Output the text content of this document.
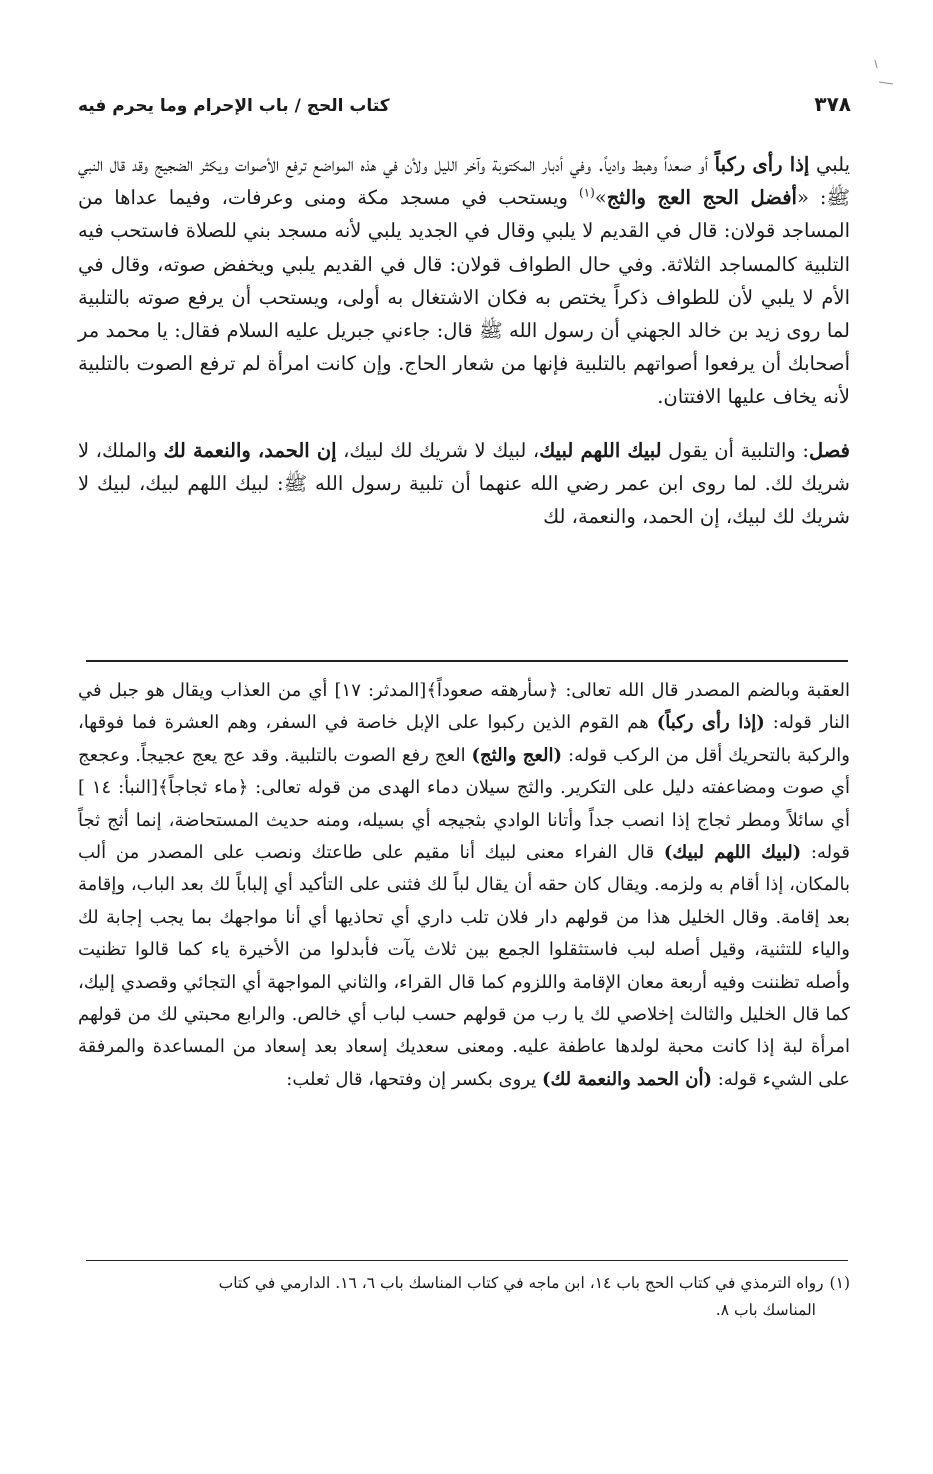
٣٧٨
كتاب الحج / باب الإحرام وما يحرم فيه

يلبي إذا رأى ركباً أو صعداً وهبط وادياً. وفي أدبار المكتوبة وآخر الليل ولأن في هذه المواضع ترفع الأصوات ويكثر الضجيج وقد قال النبي ﷺ: «أفضل الحج العج والثج»$^{(١)}$ ويستحب في مسجد مكة ومنى وعرفات، وفيما عداها من المساجد قولان: قال في القديم لا يلبي وقال في الجديد يلبي لأنه مسجد بني للصلاة فاستحب فيه التلبية كالمساجد الثلاثة. وفي حال الطواف قولان: قال في القديم يلبي ويخفض صوته، وقال في الأم لا يلبي لأن للطواف ذكراً يختص به فكان الاشتغال به أولى، ويستحب أن يرفع صوته بالتلبية لما روى زيد بن خالد الجهني أن رسول الله ﷺ قال: جاءني جبريل عليه السلام فقال: يا محمد مر أصحابك أن يرفعوا أصواتهم بالتلبية فإنها من شعار الحاج. وإن كانت امرأة لم ترفع الصوت بالتلبية لأنه يخاف عليها الافتتان.

فصل: والتلبية أن يقول لبيك اللهم لبيك، لبيك لا شريك لك لبيك، إن الحمد، والنعمة لك والملك، لا شريك لك. لما روى ابن عمر رضي الله عنهما أن تلبية رسول الله ﷺ: لبيك اللهم لبيك، لبيك لا شريك لك لبيك، إن الحمد، والنعمة، لك

العقبة وبالضم المصدر قال الله تعالى: ﴿سأرهقه صعوداً﴾[المدثر: ١٧] أي من العذاب ويقال هو جبل في النار قوله: (إذا رأى ركباً) هم القوم الذين ركبوا على الإبل خاصة في السفر، وهم العشرة فما فوقها، والركبة بالتحريك أقل من الركب قوله: (العج والثج) العج رفع الصوت بالتلبية. وقد عج يعج عجيجاً. وعجعج أي صوت ومضاعفته دليل على التكرير. والثج سيلان دماء الهدى من قوله تعالى: ﴿ماء ثجاجاً﴾[النبأ: ١٤ ] أي سائلاً ومطر ثجاج إذا انصب جداً وأتانا الوادي بثجيجه أي بسيله، ومنه حديث المستحاضة، إنما أثج ثجاً قوله: (لبيك اللهم لبيك) قال الفراء معنى لبيك أنا مقيم على طاعتك ونصب على المصدر من ألب بالمكان، إذا أقام به ولزمه. ويقال كان حقه أن يقال لباً لك فثنى على التأكيد أي إلباباً لك بعد الباب، وإقامة بعد إقامة. وقال الخليل هذا من قولهم دار فلان تلب داري أي تحاذيها أي أنا مواجهك بما يجب إجابة لك والياء للتثنية، وقيل أصله لبب فاستثقلوا الجمع بين ثلاث يآت فأبدلوا من الأخيرة ياء كما قالوا تظنيت وأصله تظننت وفيه أربعة معان الإقامة واللزوم كما قال القراء، والثاني المواجهة أي التجائي وقصدي إليك، كما قال الخليل والثالث إخلاصي لك يا رب من قولهم حسب لباب أي خالص. والرابع محبتي لك من قولهم امرأة لبة إذا كانت محبة لولدها عاطفة عليه. ومعنى سعديك إسعاد بعد إسعاد من المساعدة والمرفقة على الشيء قوله: (أن الحمد والنعمة لك) يروى بكسر إن وفتحها، قال ثعلب:
(١)رواه الترمذي في كتاب الحج باب ١٤، ابن ماجه في كتاب المناسك باب ٦، ١٦. الدارمي في كتاب
المناسك باب ٨.
